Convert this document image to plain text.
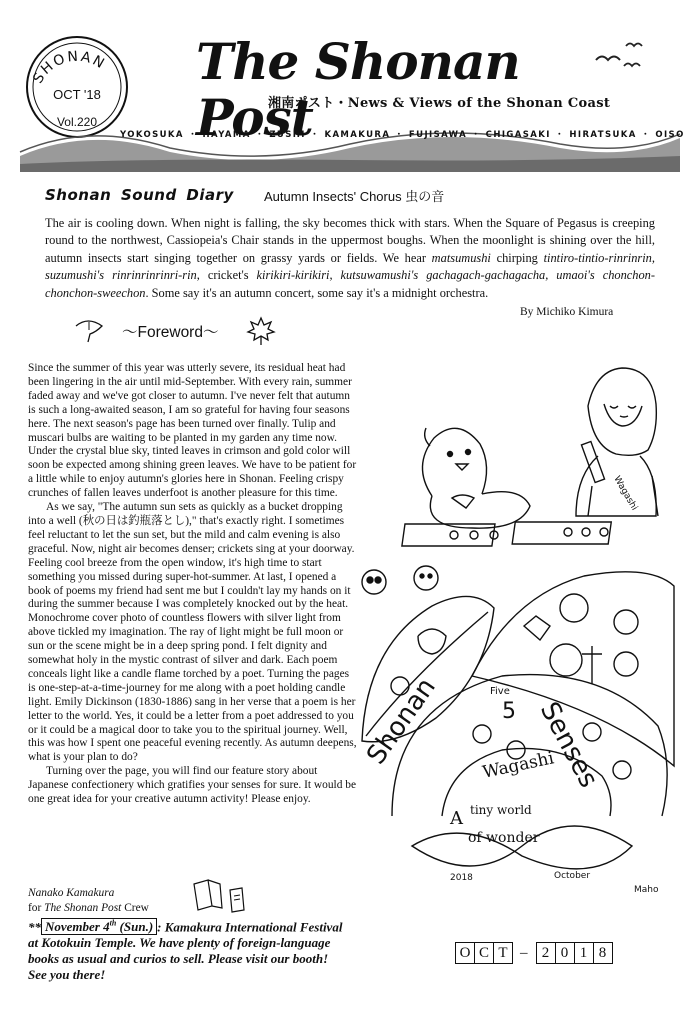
SHONAN
OCT '18
Vol.220
The Shonan Post
湘南ポスト・News & Views of the Shonan Coast
YOKOSUKA ・ HAYAMA ・ ZUSHI ・ KAMAKURA ・ FUJISAWA ・ CHIGASAKI ・ HIRATSUKA ・ OISO
Shonan Sound Diary Autumn Insects' Chorus 虫の音

The air is cooling down. When night is falling, the sky becomes thick with stars. When the Square of Pegasus is creeping round to the northwest, Cassiopeia's Chair stands in the uppermost boughs. When the moonlight is shining over the hill, autumn insects start singing together on grassy yards or fields. We hear matsumushi chirping tintiro-tintio-rinrinrin, suzumushi's rinrinrinrinri-rin, cricket's kirikiri-kirikiri, kutsuwamushi's gachagach-gachagacha, umaoi's chonchon-chonchon-sweechon. Some say it's an autumn concert, some say it's a midnight orchestra.

By Michiko Kimura
～Foreword～

Since the summer of this year was utterly severe, its residual heat had been lingering in the air until mid-September. With every rain, summer faded away and we've got closer to autumn. I've never felt that autumn is such a long-awaited season, I am so grateful for having four seasons here. The next season's page has been turned over finally. Tulip and muscari bulbs are waiting to be planted in my garden any time now. Under the crystal blue sky, tinted leaves in crimson and gold color will soon be expected among shining green leaves. We have to be patient for a little while to enjoy autumn's glories here in Shonan. Feeling crispy crunches of fallen leaves underfoot is another pleasure for this time.

As we say, "The autumn sun sets as quickly as a bucket dropping into a well (秋の日は釣瓶落とし)," that's exactly right. I sometimes feel reluctant to let the sun set, but the mild and calm evening is also graceful. Now, night air becomes denser; crickets sing at your doorway. Feeling cool breeze from the open window, it's high time to start something you missed during super-hot-summer. At last, I opened a book of poems my friend had sent me but I couldn't lay my hands on it during the summer because I was completely knocked out by the heat. Monochrome cover photo of countless flowers with silver light from above tickled my imagination. The ray of light might be full moon or sun or the scene might be in a deep spring pond. I felt dignity and somewhat holy in the mystic contrast of silver and dark. Each poem conceals light like a candle flame torched by a poet. Turning the pages is one-step-at-a-time-journey for me along with a poet holding candle light. Emily Dickinson (1830-1886) sang in her verse that a poem is her letter to the world. Yes, it could be a letter from a poet addressed to you or it could be a magical door to take you to the spiritual journey. Well, this was how I spent one peaceful evening recently. As autumn deepens, what is your plan to do?

Turning over the page, you will find our feature story about Japanese confectionery which gratifies your senses for sure. It would be one great idea for your creative autumn activity! Please enjoy.

Nanako Kamakura
for The Shonan Post Crew

** November 4th (Sun.) : Kamakura International Festival at Kotokuin Temple. We have plenty of foreign-language books as usual and curios to sell. Please visit our booth! See you there!

Wagashi
Shonan	Five
5 Senses
Wagashi
A tiny world
of wonder
2018	October
Maho
O C T – 2 0 1 8
